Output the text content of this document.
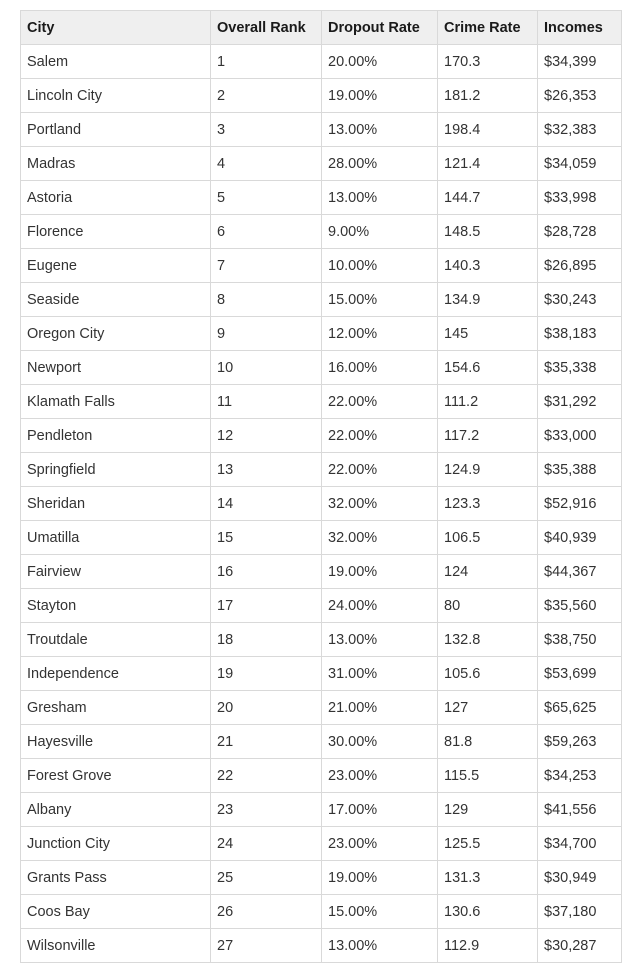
City	Overall Rank	Dropout Rate	Crime Rate	Incomes
Salem	1	20.00%	170.3	$34,399
Lincoln City	2	19.00%	181.2	$26,353
Portland	3	13.00%	198.4	$32,383
Madras	4	28.00%	121.4	$34,059
Astoria	5	13.00%	144.7	$33,998
Florence	6	9.00%	148.5	$28,728
Eugene	7	10.00%	140.3	$26,895
Seaside	8	15.00%	134.9	$30,243
Oregon City	9	12.00%	145	$38,183
Newport	10	16.00%	154.6	$35,338
Klamath Falls	11	22.00%	111.2	$31,292
Pendleton	12	22.00%	117.2	$33,000
Springfield	13	22.00%	124.9	$35,388
Sheridan	14	32.00%	123.3	$52,916
Umatilla	15	32.00%	106.5	$40,939
Fairview	16	19.00%	124	$44,367
Stayton	17	24.00%	80	$35,560
Troutdale	18	13.00%	132.8	$38,750
Independence	19	31.00%	105.6	$53,699
Gresham	20	21.00%	127	$65,625
Hayesville	21	30.00%	81.8	$59,263
Forest Grove	22	23.00%	115.5	$34,253
Albany	23	17.00%	129	$41,556
Junction City	24	23.00%	125.5	$34,700
Grants Pass	25	19.00%	131.3	$30,949
Coos Bay	26	15.00%	130.6	$37,180
Wilsonville	27	13.00%	112.9	$30,287
